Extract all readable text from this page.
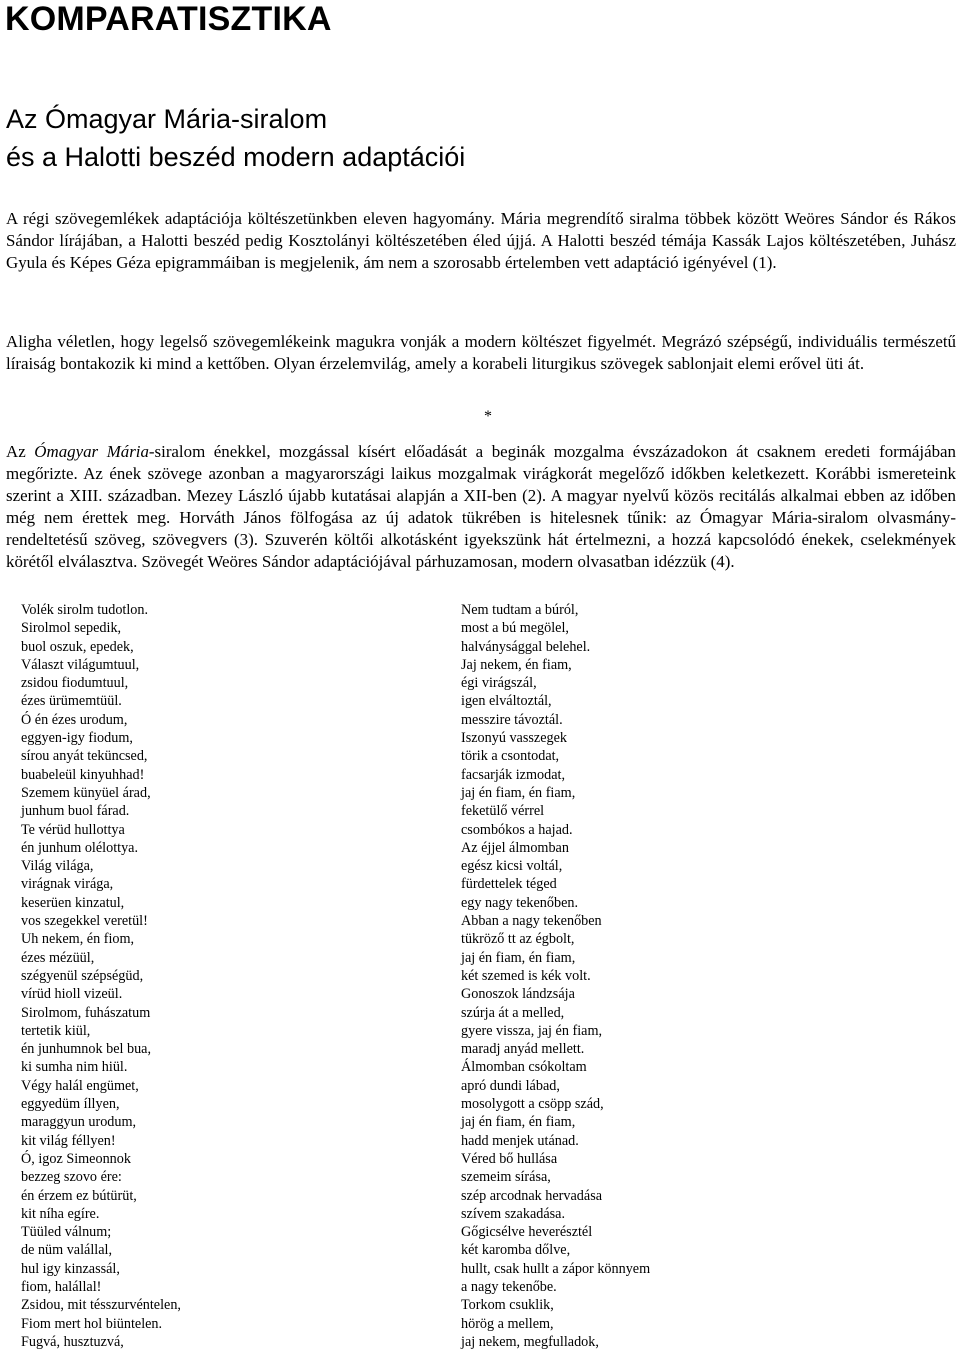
KOMPARATISZTIKA
Az Ómagyar Mária-siralom
és a Halotti beszéd modern adaptációi

A régi szövegemlékek adaptációja költészetünkben eleven hagyomány. Mária megrendítő siralma többek között Weöres Sándor és Rákos Sándor lírájában, a Halotti beszéd pedig Kosztolányi költészetében éled újjá. A Halotti beszéd témája Kassák Lajos költészetében, Juhász Gyula és Képes Géza epigrammáiban is megjelenik, ám nem a szorosabb értelemben vett adaptáció igényével (1).

Aligha véletlen, hogy legelső szövegemlékeink magukra vonják a modern költészet figyelmét. Megrázó szépségű, individuális természetű líraiság bontakozik ki mind a kettőben. Olyan érzelemvilág, amely a korabeli liturgikus szövegek sablonjait elemi erővel üti át.

*

Az Ómagyar Mária-siralom énekkel, mozgással kísért előadását a beginák mozgalma évszázadokon át csaknem eredeti formájában megőrizte. Az ének szövege azonban a magyarországi laikus mozgalmak virágkorát megelőző időkben keletkezett. Korábbi ismereteink szerint a XIII. században. Mezey László újabb kutatásai alapján a XII-ben (2). A magyar nyelvű közös recitálás alkalmai ebben az időben még nem érettek meg. Horváth János fölfogása az új adatok tükrében is hitelesnek tűnik: az Ómagyar Mária-siralom olvasmány-rendeltetésű szöveg, szövegvers (3). Szuverén költői alkotásként igyekszünk hát értelmezni, a hozzá kapcsolódó énekek, cselekmények körétől elválasztva. Szövegét Weöres Sándor adaptációjával párhuzamosan, modern olvasatban idézzük (4).

Volék sirolm tudotlon.
Sirolmol sepedik,
buol oszuk, epedek,
Választ világumtuul,
zsidou fiodumtuul,
ézes ürümemtüül.
Ó én ézes urodum,
eggyen-igy fiodum,
sírou anyát teküncsed,
buabeleül kinyuhhad!
Szemem künyüel árad,
junhum buol fárad.
Te vérüd hullottya
én junhum olélottya.
Világ világa,
virágnak virága,
keserüen kinzatul,
vos szegekkel veretül!
Uh nekem, én fiom,
ézes mézüül,
szégyenül szépségüd,
vírüd hioll vizeül.
Sirolmom, fuhászatum
tertetik kiül,
én junhumnok bel bua,
ki sumha nim hiül.
Végy halál engümet,
eggyedüm íllyen,
maraggyun urodum,
kit világ féllyen!
Ó, igoz Simeonnok
bezzeg szovo ére:
én érzem ez bútürüt,
kit níha egíre.
Tüüled válnum;
de nüm valállal,
hul igy kinzassál,
fiom, halállal!
Zsidou, mit tésszurvéntelen,
Fiom mert hol biüntelen.
Fugvá, husztuzvá,
Nem tudtam a búról,
most a bú megölel,
halványsággal belehel.
Jaj nekem, én fiam,
égi virágszál,
igen elváltoztál,
messzire távoztál.
Iszonyú vasszegek
törik a csontodat,
facsarják izmodat,
jaj én fiam, én fiam,
feketülő vérrel
csombókos a hajad.
Az éjjel álmomban
egész kicsi voltál,
fürdettelek téged
egy nagy tekenőben.
Abban a nagy tekenőben
tükröző tt az égbolt,
jaj én fiam, én fiam,
két szemed is kék volt.
Gonoszok lándzsája
szúrja át a melled,
gyere vissza, jaj én fiam,
maradj anyád mellett.
Álmomban csókoltam
apró dundi lábad,
mosolygott a csöpp szád,
jaj én fiam, én fiam,
hadd menjek utánad.
Véred bő hullása
szemeim sírása,
szép arcodnak hervadása
szívem szakadása.
Gőgicsélve heverésztél
két karomba dőlve,
hullt, csak hullt a zápor könnyem
a nagy tekenőbe.
Torkom csuklik,
hörög a mellem,
jaj nekem, megfulladok,
